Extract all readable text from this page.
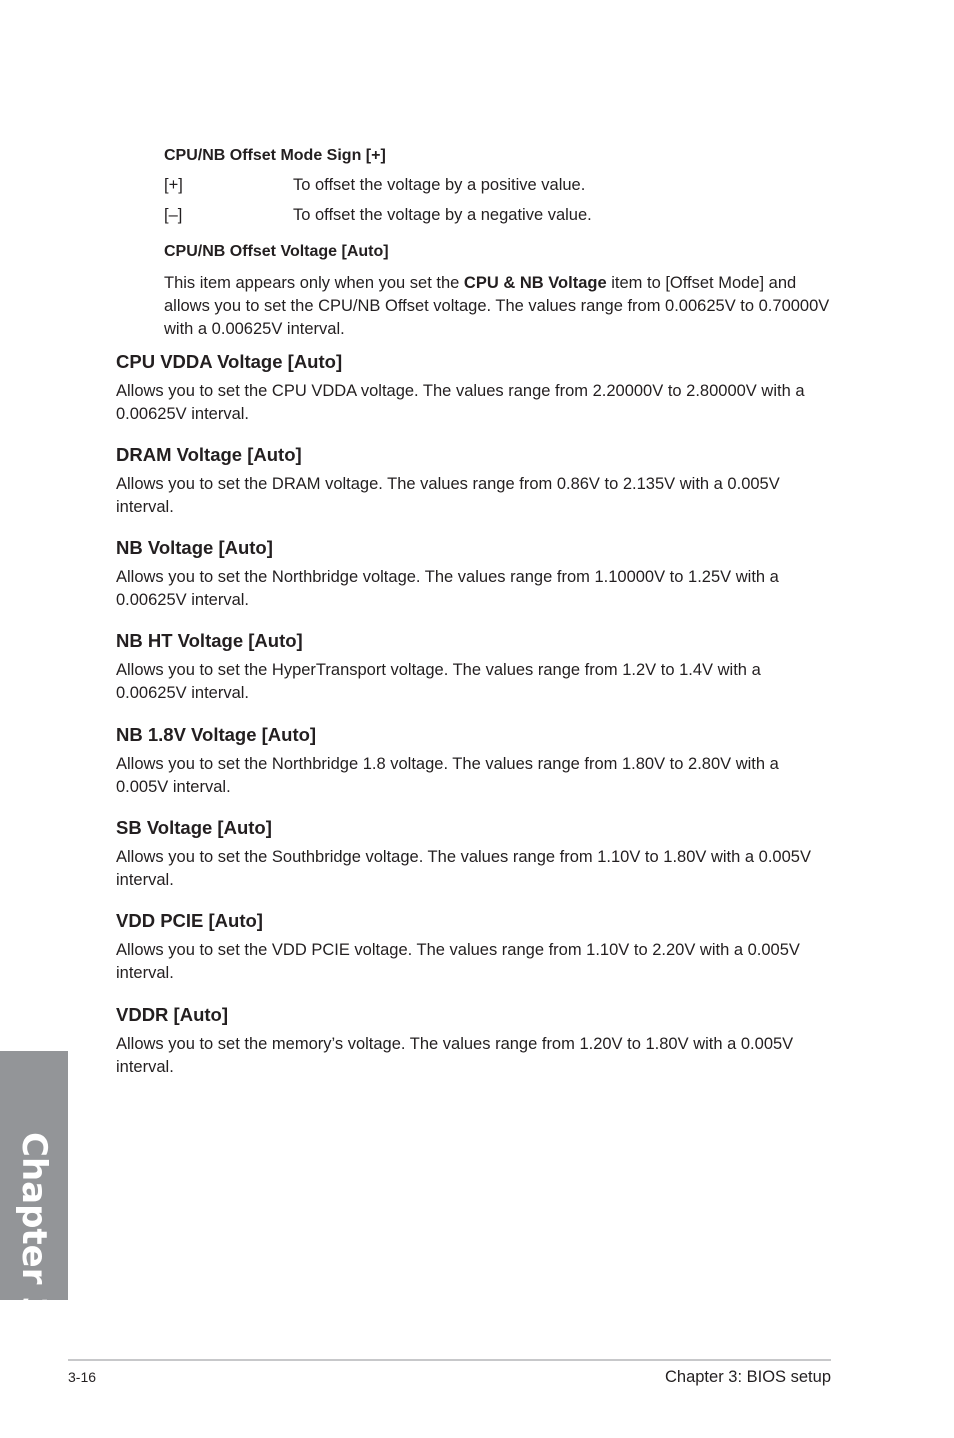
CPU/NB Offset Mode Sign [+]

[+]	To offset the voltage by a positive value.
[–]	To offset the voltage by a negative value.

CPU/NB Offset Voltage [Auto]

This item appears only when you set the CPU & NB Voltage item to [Offset Mode] and allows you to set the CPU/NB Offset voltage. The values range from 0.00625V to 0.70000V with a 0.00625V interval.

CPU VDDA Voltage [Auto]

Allows you to set the CPU VDDA voltage. The values range from 2.20000V to 2.80000V with a 0.00625V interval.

DRAM Voltage [Auto]

Allows you to set the DRAM voltage. The values range from 0.86V to 2.135V with a 0.005V interval.

NB Voltage [Auto]

Allows you to set the Northbridge voltage. The values range from 1.10000V to 1.25V with a 0.00625V interval.

NB HT Voltage [Auto]

Allows you to set the HyperTransport voltage. The values range from 1.2V to 1.4V with a 0.00625V interval.

NB 1.8V Voltage [Auto]

Allows you to set the Northbridge 1.8 voltage. The values range from 1.80V to 2.80V with a 0.005V interval.

SB Voltage [Auto]

Allows you to set the Southbridge voltage. The values range from 1.10V to 1.80V with a 0.005V interval.

VDD PCIE [Auto]

Allows you to set the VDD PCIE voltage. The values range from 1.10V to 2.20V with a 0.005V interval.

VDDR [Auto]

Allows you to set the memory’s voltage. The values range from 1.20V to 1.80V with a 0.005V interval.

Chapter 3
3-16	Chapter 3: BIOS setup
